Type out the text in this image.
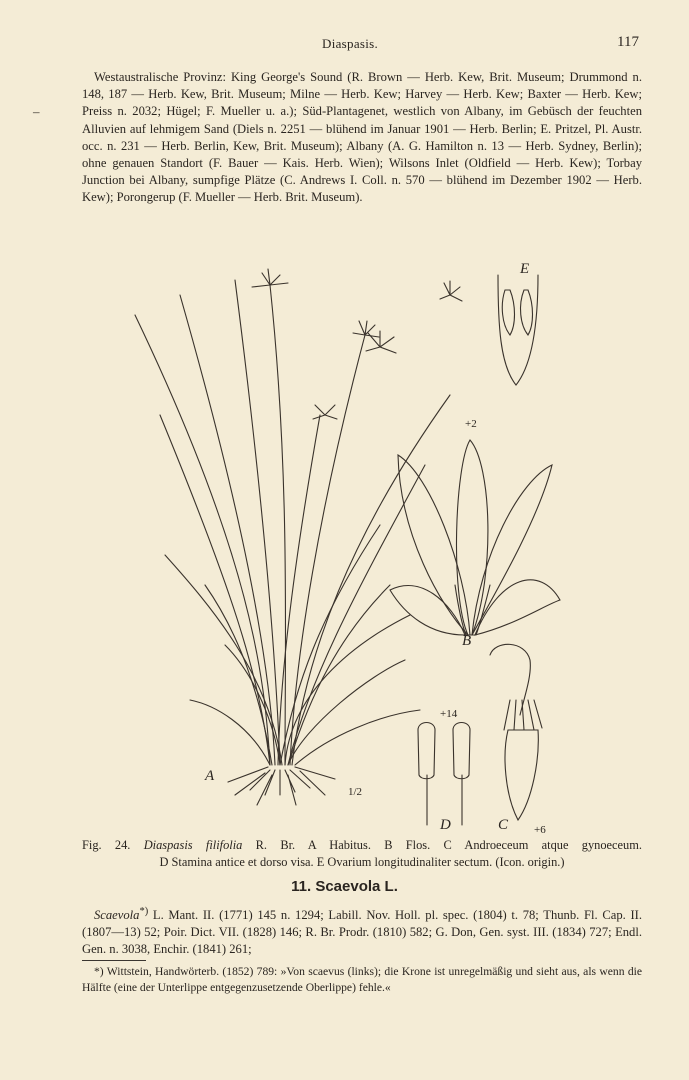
Diaspasis.	117
–

Westaustralische Provinz: King George's Sound (R. Brown — Herb. Kew, Brit. Museum; Drummond n. 148, 187 — Herb. Kew, Brit. Museum; Milne — Herb. Kew; Harvey — Herb. Kew; Baxter — Herb. Kew; Preiss n. 2032; Hügel; F. Mueller u. a.); Süd-Plantagenet, westlich von Albany, im Gebüsch der feuchten Alluvien auf lehmigem Sand (Diels n. 2251 — blühend im Januar 1901 — Herb. Berlin; E. Pritzel, Pl. Austr. occ. n. 231 — Herb. Berlin, Kew, Brit. Museum); Albany (A. G. Hamilton n. 13 — Herb. Sydney, Berlin); ohne genauen Standort (F. Bauer — Kais. Herb. Wien); Wilsons Inlet (Oldfield — Herb. Kew); Torbay Junction bei Albany, sumpfige Plätze (C. Andrews I. Coll. n. 570 — blühend im Dezember 1902 — Herb. Kew); Porongerup (F. Mueller — Herb. Brit. Museum).

A
1/2
B
+2
C +6
D
+14
E
Fig. 24. Diaspasis filifolia R. Br. A Habitus. B Flos. C Androeceum atque gynoeceum.
D Stamina antice et dorso visa. E Ovarium longitudinaliter sectum. (Icon. origin.)
11. Scaevola L.

Scaevola*) L. Mant. II. (1771) 145 n. 1294; Labill. Nov. Holl. pl. spec. (1804) t. 78; Thunb. Fl. Cap. II. (1807—13) 52; Poir. Dict. VII. (1828) 146; R. Br. Prodr. (1810) 582; G. Don, Gen. syst. III. (1834) 727; Endl. Gen. n. 3038, Enchir. (1841) 261;

*) Wittstein, Handwörterb. (1852) 789: »Von scaevus (links); die Krone ist unregelmäßig und sieht aus, als wenn die Hälfte (eine der Unterlippe entgegenzusetzende Oberlippe) fehle.«
